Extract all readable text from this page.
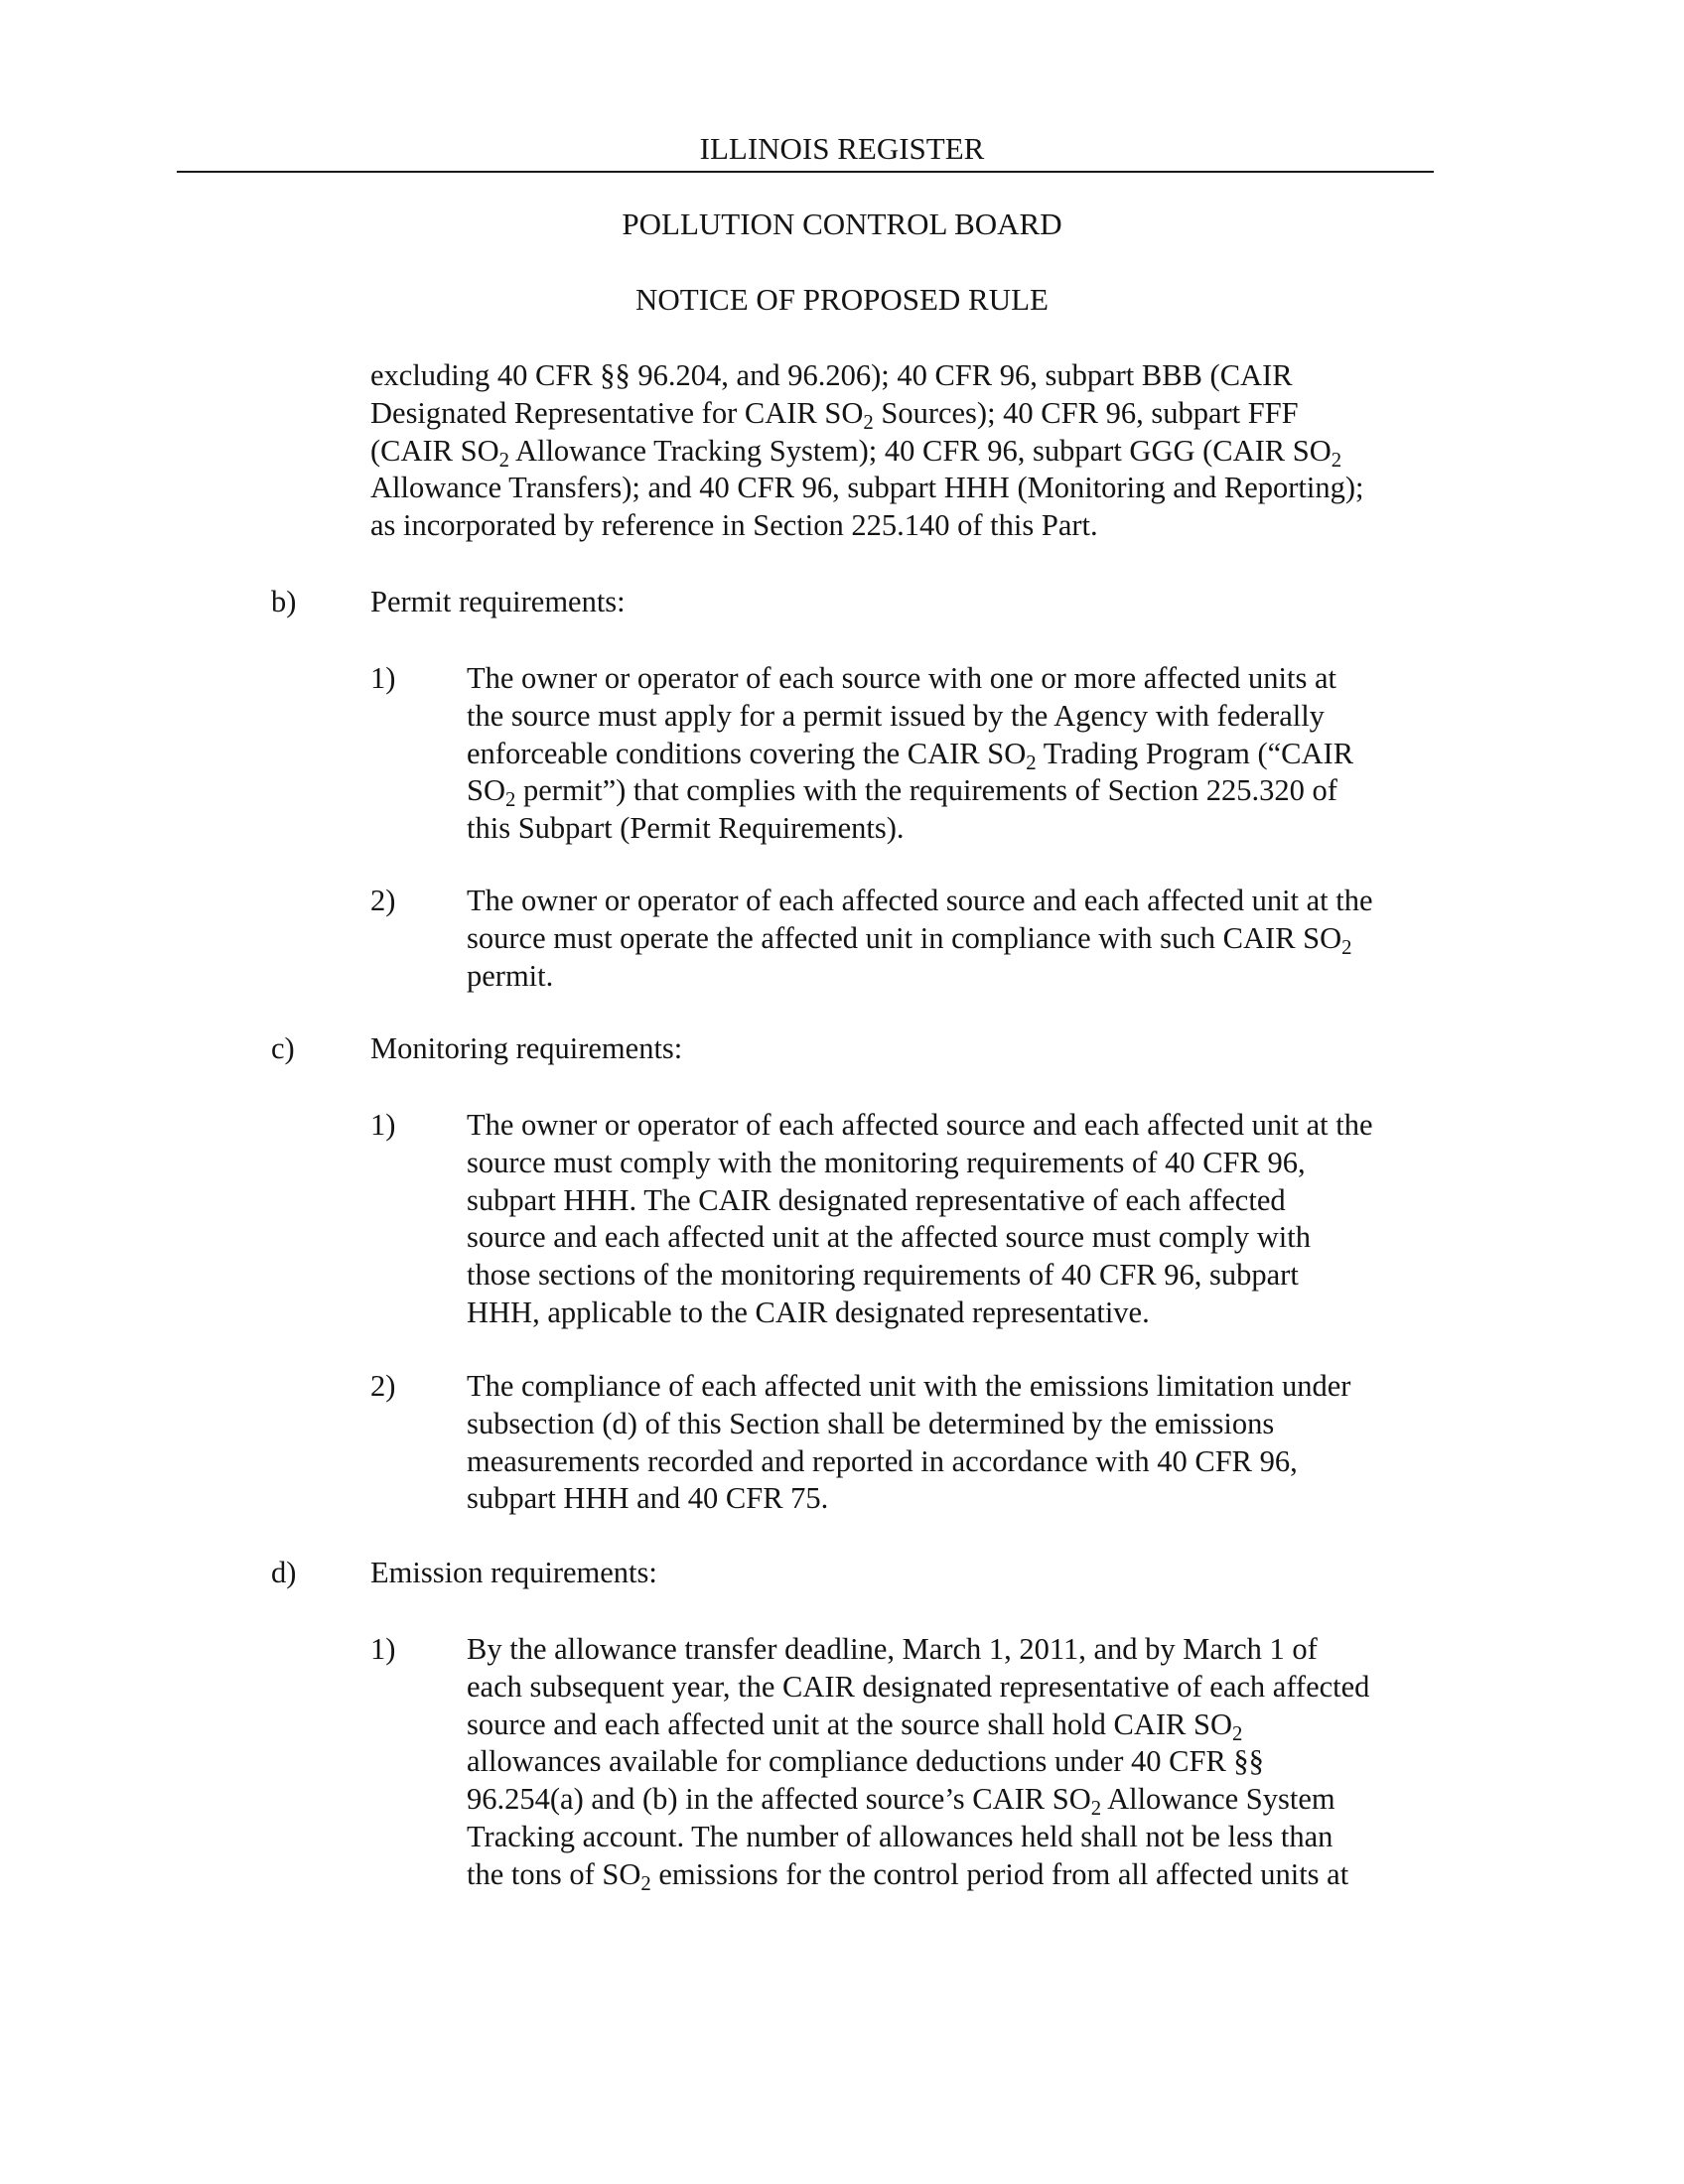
ILLINOIS REGISTER
POLLUTION CONTROL BOARD
NOTICE OF PROPOSED RULE
excluding 40 CFR §§ 96.204, and 96.206); 40 CFR 96, subpart BBB (CAIR
Designated Representative for CAIR $SO_2$ Sources); 40 CFR 96, subpart FFF
(CAIR $SO_2$ Allowance Tracking System); 40 CFR 96, subpart GGG (CAIR $SO_2$
Allowance Transfers); and 40 CFR 96, subpart HHH (Monitoring and Reporting);
as incorporated by reference in Section 225.140 of this Part.
b) Permit requirements:
1) The owner or operator of each source with one or more affected units at
the source must apply for a permit issued by the Agency with federally
enforceable conditions covering the CAIR $SO_2$ Trading Program (“CAIR
$SO_2$ permit”) that complies with the requirements of Section 225.320 of
this Subpart (Permit Requirements).
2) The owner or operator of each affected source and each affected unit at the
source must operate the affected unit in compliance with such CAIR $SO_2$
permit.
c)	Monitoring requirements:
1) The owner or operator of each affected source and each affected unit at the
source must comply with the monitoring requirements of 40 CFR 96,
subpart HHH. The CAIR designated representative of each affected
source and each affected unit at the affected source must comply with
those sections of the monitoring requirements of 40 CFR 96, subpart
HHH, applicable to the CAIR designated representative.
2) The compliance of each affected unit with the emissions limitation under
subsection (d) of this Section shall be determined by the emissions
measurements recorded and reported in accordance with 40 CFR 96,
subpart HHH and 40 CFR 75.
d) Emission requirements:
1) By the allowance transfer deadline, March 1, 2011, and by March 1 of
each subsequent year, the CAIR designated representative of each affected
source and each affected unit at the source shall hold CAIR $SO_2$
allowances available for compliance deductions under 40 CFR §§
96.254(a) and (b) in the affected source’s CAIR $SO_2$ Allowance System
Tracking account. The number of allowances held shall not be less than
the tons of $SO_2$ emissions for the control period from all affected units at
